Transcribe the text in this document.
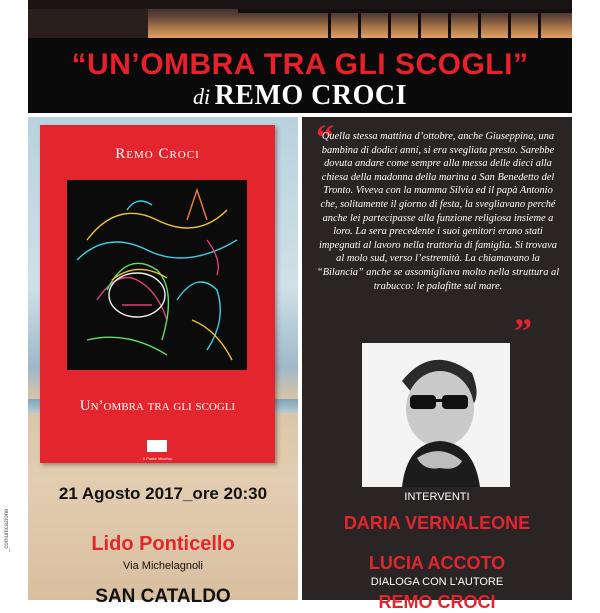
“UN’OMBRA TRA GLI SCOGLI”
di REMO CROCI
Remo Croci
Un’ombra tra gli scogli
Il Ponte Vecchio
21 Agosto 2017_ore 20:30
Lido Ponticello
Via Michelagnoli
SAN CATALDO
“
Quella stessa mattina d’ottobre, anche Giuseppina, una bambina di dodici anni, si era svegliata presto. Sarebbe dovuta andare come sempre alla messa delle dieci alla chiesa della madonna della marina a San Benedetto del Tronto. Viveva con la mamma Silvia ed il papà Antonio che, solitamente il giorno di festa, la svegliavano perché anche lei partecipasse alla funzione religiosa insieme a loro. La sera precedente i suoi genitori erano stati impegnati al lavoro nella trattoria di famiglia. Si trovava al molo sud, verso l’estremità. La chiamavano la “Bilancia” anche se assomigliava molto nella struttura al trabucco: le palafitte sul mare.
”
INTERVENTI
DARIA VERNALEONE
LUCIA ACCOTO
DIALOGA CON L’AUTORE
REMO CROCI
_comunicazione
